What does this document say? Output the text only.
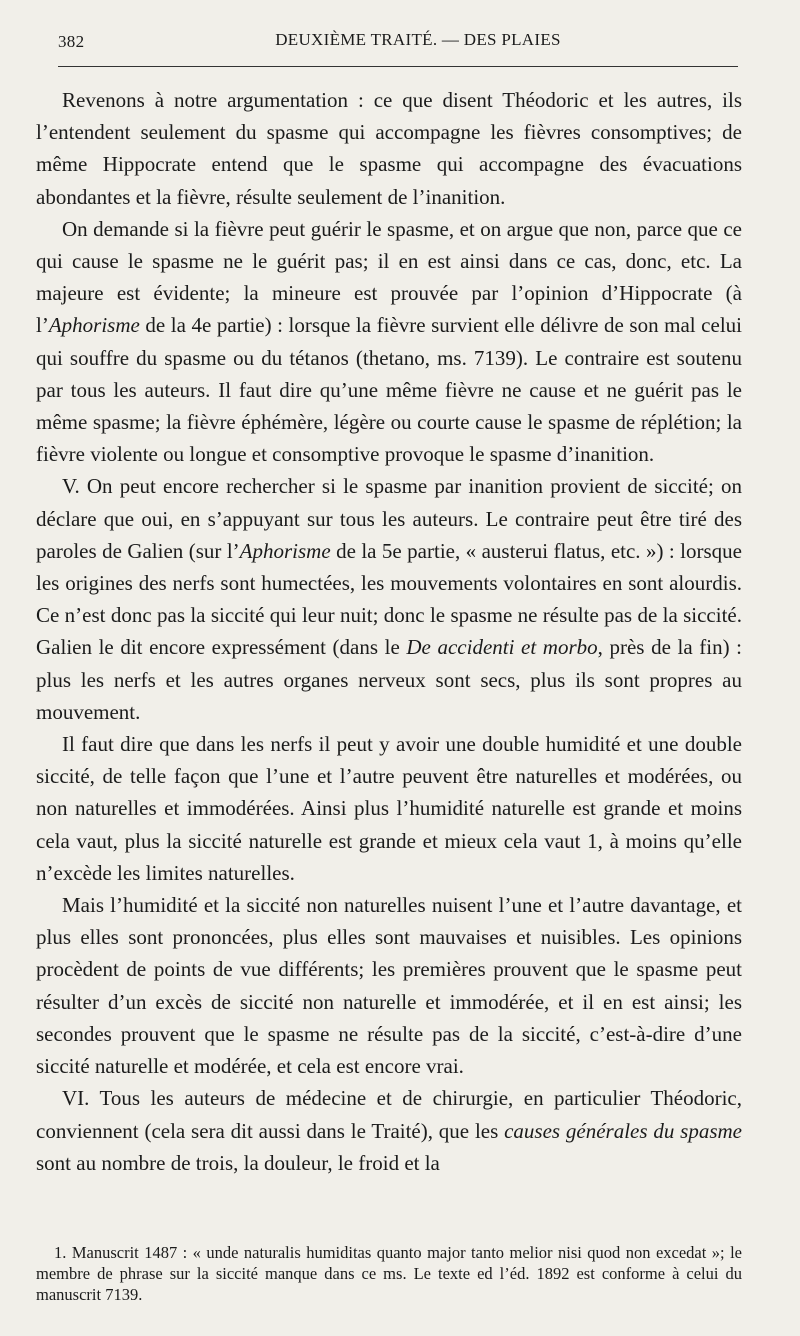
382	DEUXIÈME TRAITÉ. — DES PLAIES

Revenons à notre argumentation : ce que disent Théodoric et les autres, ils l’entendent seulement du spasme qui accompagne les fièvres consomptives; de même Hippocrate entend que le spasme qui accompagne des évacuations abondantes et la fièvre, résulte seulement de l’inanition.

On demande si la fièvre peut guérir le spasme, et on argue que non, parce que ce qui cause le spasme ne le guérit pas; il en est ainsi dans ce cas, donc, etc. La majeure est évidente; la mineure est prouvée par l’opinion d’Hippocrate (à l’Aphorisme de la 4e partie) : lorsque la fièvre survient elle délivre de son mal celui qui souffre du spasme ou du tétanos (thetano, ms. 7139). Le contraire est soutenu par tous les auteurs. Il faut dire qu’une même fièvre ne cause et ne guérit pas le même spasme; la fièvre éphémère, légère ou courte cause le spasme de réplétion; la fièvre violente ou longue et consomptive provoque le spasme d’inanition.

V. On peut encore rechercher si le spasme par inanition provient de siccité; on déclare que oui, en s’appuyant sur tous les auteurs. Le contraire peut être tiré des paroles de Galien (sur l’Aphorisme de la 5e partie, « austerui flatus, etc. ») : lorsque les origines des nerfs sont humectées, les mouvements volontaires en sont alourdis. Ce n’est donc pas la siccité qui leur nuit; donc le spasme ne résulte pas de la siccité. Galien le dit encore expressément (dans le De accidenti et morbo, près de la fin) : plus les nerfs et les autres organes nerveux sont secs, plus ils sont propres au mouvement.

Il faut dire que dans les nerfs il peut y avoir une double humidité et une double siccité, de telle façon que l’une et l’autre peuvent être naturelles et modérées, ou non naturelles et immodérées. Ainsi plus l’humidité naturelle est grande et moins cela vaut, plus la siccité naturelle est grande et mieux cela vaut 1, à moins qu’elle n’excède les limites naturelles.

Mais l’humidité et la siccité non naturelles nuisent l’une et l’autre davantage, et plus elles sont prononcées, plus elles sont mauvaises et nuisibles. Les opinions procèdent de points de vue différents; les premières prouvent que le spasme peut résulter d’un excès de siccité non naturelle et immodérée, et il en est ainsi; les secondes prouvent que le spasme ne résulte pas de la siccité, c’est-à-dire d’une siccité naturelle et modérée, et cela est encore vrai.

VI. Tous les auteurs de médecine et de chirurgie, en particulier Théodoric, conviennent (cela sera dit aussi dans le Traité), que les causes générales du spasme sont au nombre de trois, la douleur, le froid et la

1. Manuscrit 1487 : « unde naturalis humiditas quanto major tanto melior nisi quod non excedat »; le membre de phrase sur la siccité manque dans ce ms. Le texte ed l’éd. 1892 est conforme à celui du manuscrit 7139.
